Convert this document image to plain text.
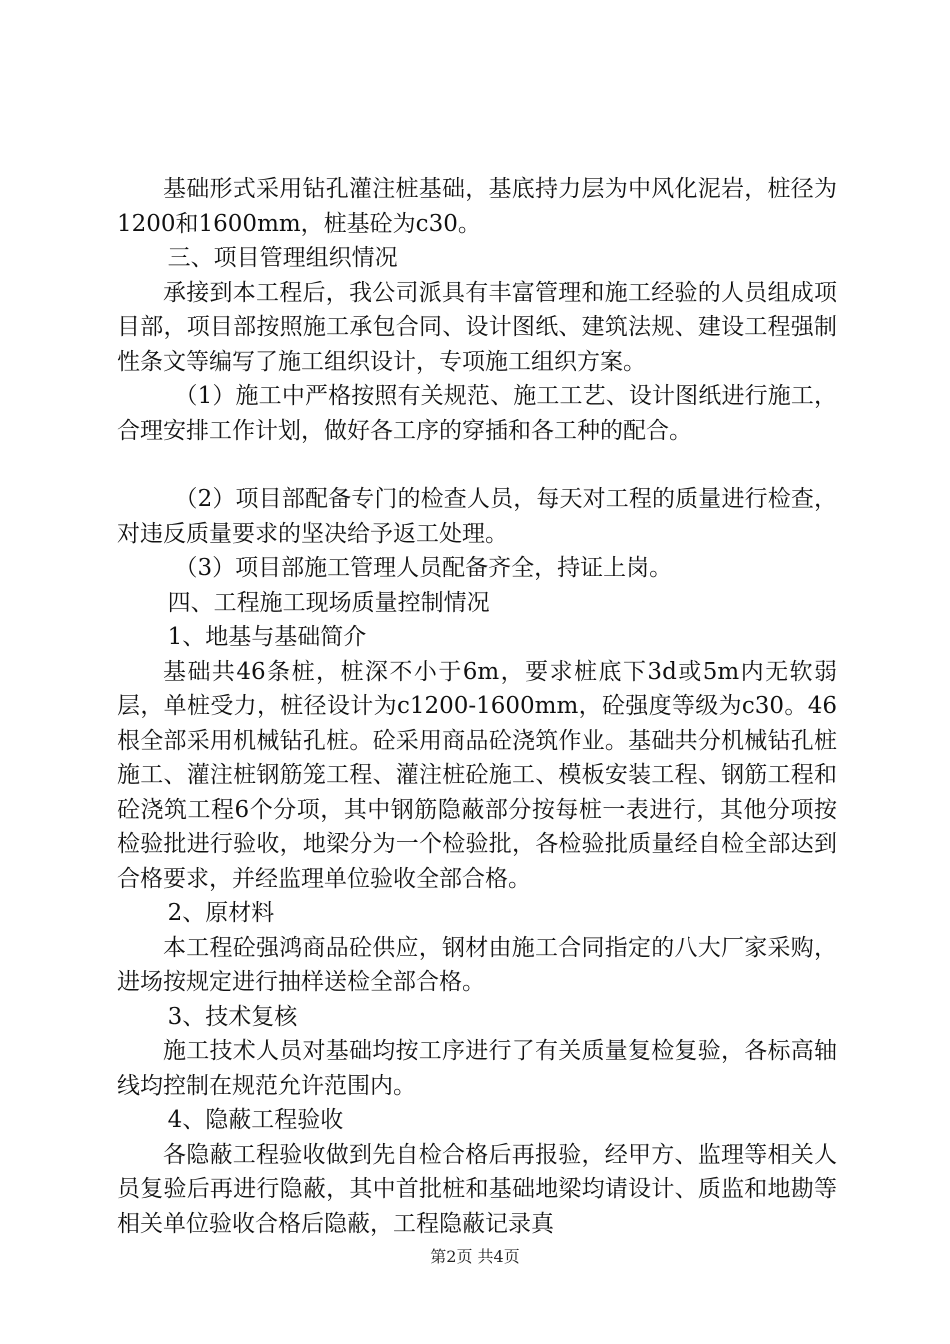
基础形式采用钻孔灌注桩基础，基底持力层为中风化泥岩，桩径为1200和1600mm，桩基砼为c30。

三、项目管理组织情况

承接到本工程后，我公司派具有丰富管理和施工经验的人员组成项目部，项目部按照施工承包合同、设计图纸、建筑法规、建设工程强制性条文等编写了施工组织设计，专项施工组织方案。

（1）施工中严格按照有关规范、施工工艺、设计图纸进行施工，合理安排工作计划，做好各工序的穿插和各工种的配合。

（2）项目部配备专门的检查人员，每天对工程的质量进行检查，对违反质量要求的坚决给予返工处理。

（3）项目部施工管理人员配备齐全，持证上岗。

四、工程施工现场质量控制情况

1、地基与基础简介

基础共46条桩，桩深不小于6m，要求桩底下3d或5m内无软弱层，单桩受力，桩径设计为c1200-1600mm，砼强度等级为c30。46根全部采用机械钻孔桩。砼采用商品砼浇筑作业。基础共分机械钻孔桩施工、灌注桩钢筋笼工程、灌注桩砼施工、模板安装工程、钢筋工程和砼浇筑工程6个分项，其中钢筋隐蔽部分按每桩一表进行，其他分项按检验批进行验收，地梁分为一个检验批，各检验批质量经自检全部达到合格要求，并经监理单位验收全部合格。

2、原材料

本工程砼强鸿商品砼供应，钢材由施工合同指定的八大厂家采购，进场按规定进行抽样送检全部合格。

3、技术复核

施工技术人员对基础均按工序进行了有关质量复检复验，各标高轴线均控制在规范允许范围内。

4、隐蔽工程验收

各隐蔽工程验收做到先自检合格后再报验，经甲方、监理等相关人员复验后再进行隐蔽，其中首批桩和基础地梁均请设计、质监和地勘等相关单位验收合格后隐蔽，工程隐蔽记录真

第2页 共4页
